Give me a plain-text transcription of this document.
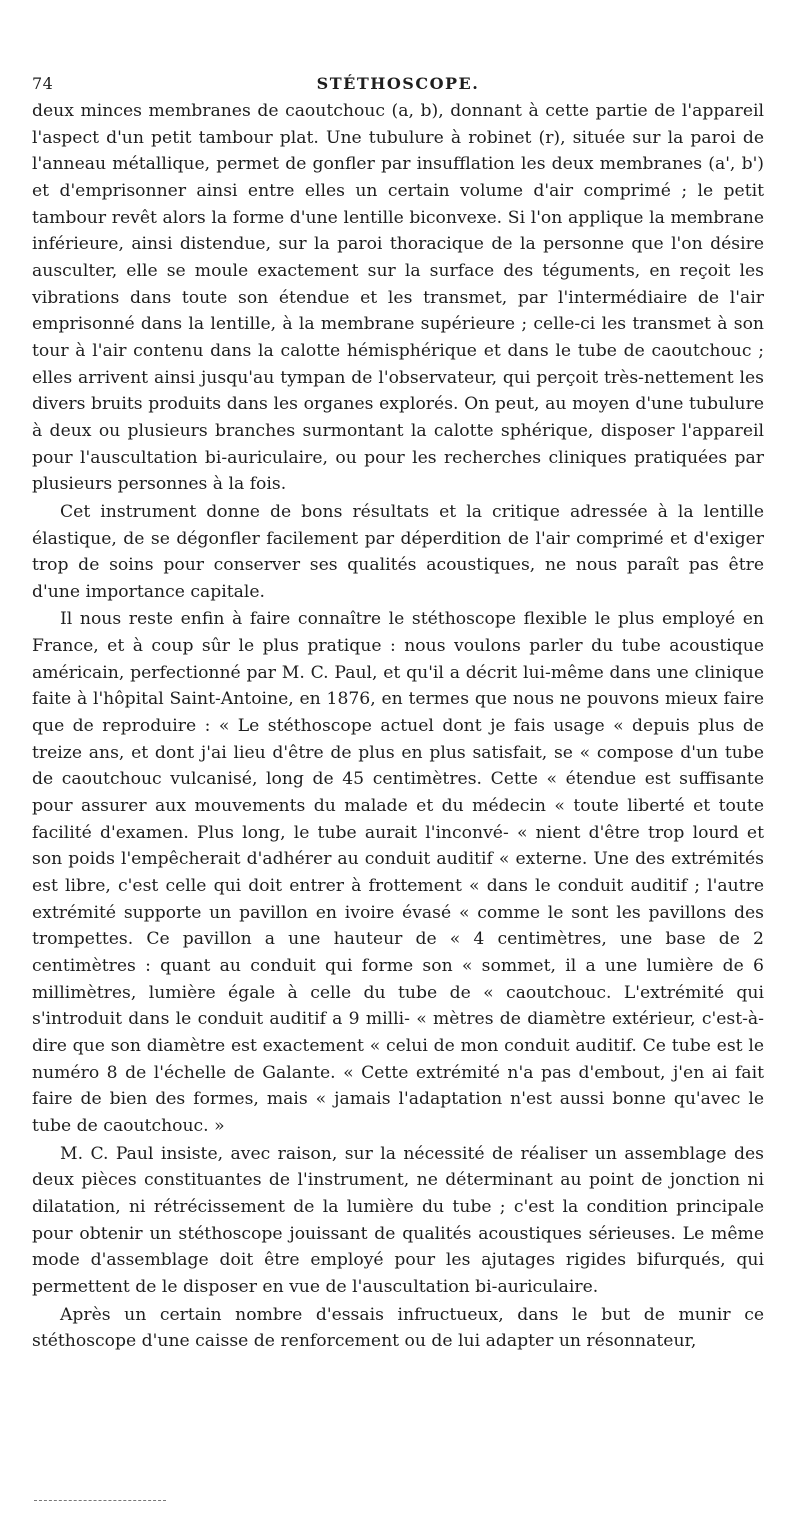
74	STÉTHOSCOPE.

deux minces membranes de caoutchouc (a, b), donnant à cette partie de l'appareil l'aspect d'un petit tambour plat. Une tubulure à robinet (r), située sur la paroi de l'anneau métallique, permet de gonfler par insufflation les deux membranes (a', b') et d'emprisonner ainsi entre elles un certain volume d'air comprimé ; le petit tambour revêt alors la forme d'une lentille biconvexe. Si l'on applique la membrane inférieure, ainsi distendue, sur la paroi thoracique de la personne que l'on désire ausculter, elle se moule exactement sur la surface des téguments, en reçoit les vibrations dans toute son étendue et les transmet, par l'intermédiaire de l'air emprisonné dans la lentille, à la membrane supérieure ; celle-ci les transmet à son tour à l'air contenu dans la calotte hémisphérique et dans le tube de caoutchouc ; elles arrivent ainsi jusqu'au tympan de l'observateur, qui perçoit très-nettement les divers bruits produits dans les organes explorés. On peut, au moyen d'une tubulure à deux ou plusieurs branches surmontant la calotte sphérique, disposer l'appareil pour l'auscultation bi-auriculaire, ou pour les recherches cliniques pratiquées par plusieurs personnes à la fois.

Cet instrument donne de bons résultats et la critique adressée à la lentille élastique, de se dégonfler facilement par déperdition de l'air comprimé et d'exiger trop de soins pour conserver ses qualités acoustiques, ne nous paraît pas être d'une importance capitale.

Il nous reste enfin à faire connaître le stéthoscope flexible le plus employé en France, et à coup sûr le plus pratique : nous voulons parler du tube acoustique américain, perfectionné par M. C. Paul, et qu'il a décrit lui-même dans une clinique faite à l'hôpital Saint-Antoine, en 1876, en termes que nous ne pouvons mieux faire que de reproduire : « Le stéthoscope actuel dont je fais usage « depuis plus de treize ans, et dont j'ai lieu d'être de plus en plus satisfait, se « compose d'un tube de caoutchouc vulcanisé, long de 45 centimètres. Cette « étendue est suffisante pour assurer aux mouvements du malade et du médecin « toute liberté et toute facilité d'examen. Plus long, le tube aurait l'inconvé- « nient d'être trop lourd et son poids l'empêcherait d'adhérer au conduit auditif « externe. Une des extrémités est libre, c'est celle qui doit entrer à frottement « dans le conduit auditif ; l'autre extrémité supporte un pavillon en ivoire évasé « comme le sont les pavillons des trompettes. Ce pavillon a une hauteur de « 4 centimètres, une base de 2 centimètres : quant au conduit qui forme son « sommet, il a une lumière de 6 millimètres, lumière égale à celle du tube de « caoutchouc. L'extrémité qui s'introduit dans le conduit auditif a 9 milli- « mètres de diamètre extérieur, c'est-à-dire que son diamètre est exactement « celui de mon conduit auditif. Ce tube est le numéro 8 de l'échelle de Galante. « Cette extrémité n'a pas d'embout, j'en ai fait faire de bien des formes, mais « jamais l'adaptation n'est aussi bonne qu'avec le tube de caoutchouc. »

M. C. Paul insiste, avec raison, sur la nécessité de réaliser un assemblage des deux pièces constituantes de l'instrument, ne déterminant au point de jonction ni dilatation, ni rétrécissement de la lumière du tube ; c'est la condition principale pour obtenir un stéthoscope jouissant de qualités acoustiques sérieuses. Le même mode d'assemblage doit être employé pour les ajutages rigides bifurqués, qui permettent de le disposer en vue de l'auscultation bi-auriculaire.

Après un certain nombre d'essais infructueux, dans le but de munir ce stéthoscope d'une caisse de renforcement ou de lui adapter un résonnateur,
